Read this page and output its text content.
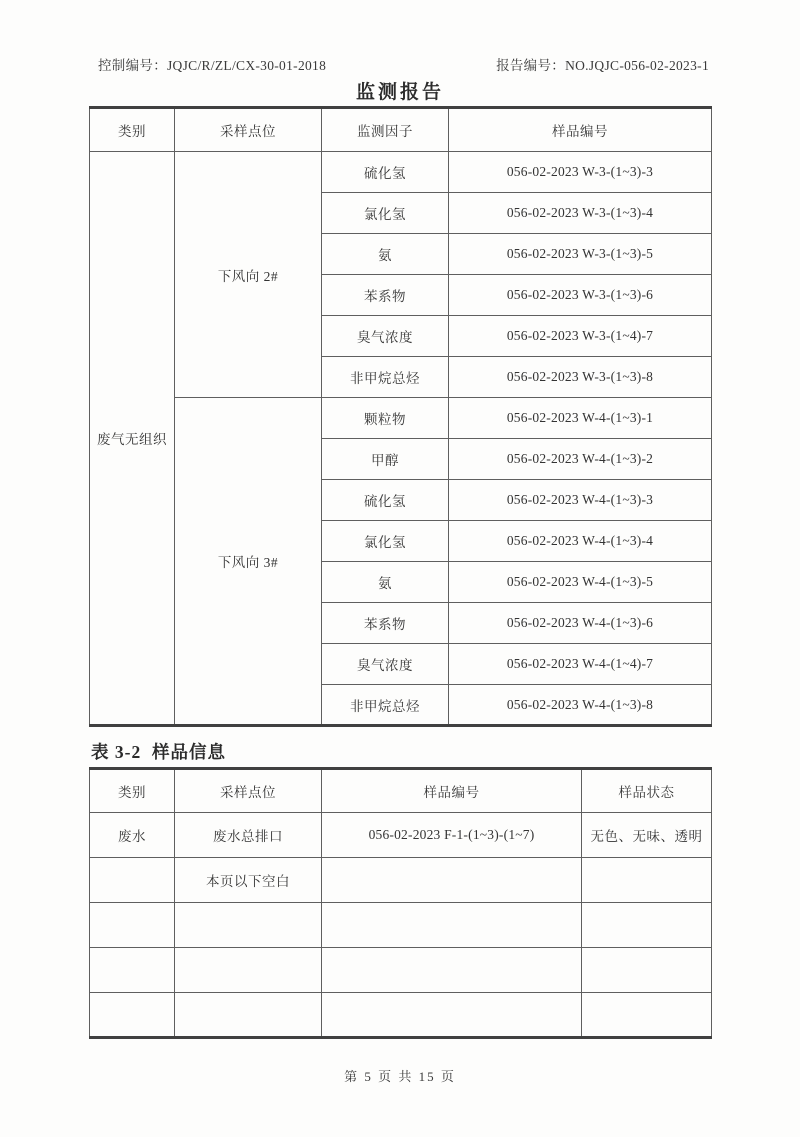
控制编号：JQJC/R/ZL/CX-30-01-2018	报告编号：NO.JQJC-056-02-2023-1
监测报告
类别	采样点位	监测因子	样品编号
废气无组织	下风向 2#	硫化氢	056-02-2023 W-3-(1~3)-3
		氯化氢	056-02-2023 W-3-(1~3)-4
		氨	056-02-2023 W-3-(1~3)-5
		苯系物	056-02-2023 W-3-(1~3)-6
		臭气浓度	056-02-2023 W-3-(1~4)-7
		非甲烷总烃	056-02-2023 W-3-(1~3)-8
	下风向 3#	颗粒物	056-02-2023 W-4-(1~3)-1
		甲醇	056-02-2023 W-4-(1~3)-2
		硫化氢	056-02-2023 W-4-(1~3)-3
		氯化氢	056-02-2023 W-4-(1~3)-4
		氨	056-02-2023 W-4-(1~3)-5
		苯系物	056-02-2023 W-4-(1~3)-6
		臭气浓度	056-02-2023 W-4-(1~4)-7
		非甲烷总烃	056-02-2023 W-4-(1~3)-8
表 3-2  样品信息
类别	采样点位	样品编号	样品状态
废水	废水总排口	056-02-2023 F-1-(1~3)-(1~7)	无色、无味、透明
	本页以下空白		

第 5 页 共 15 页
